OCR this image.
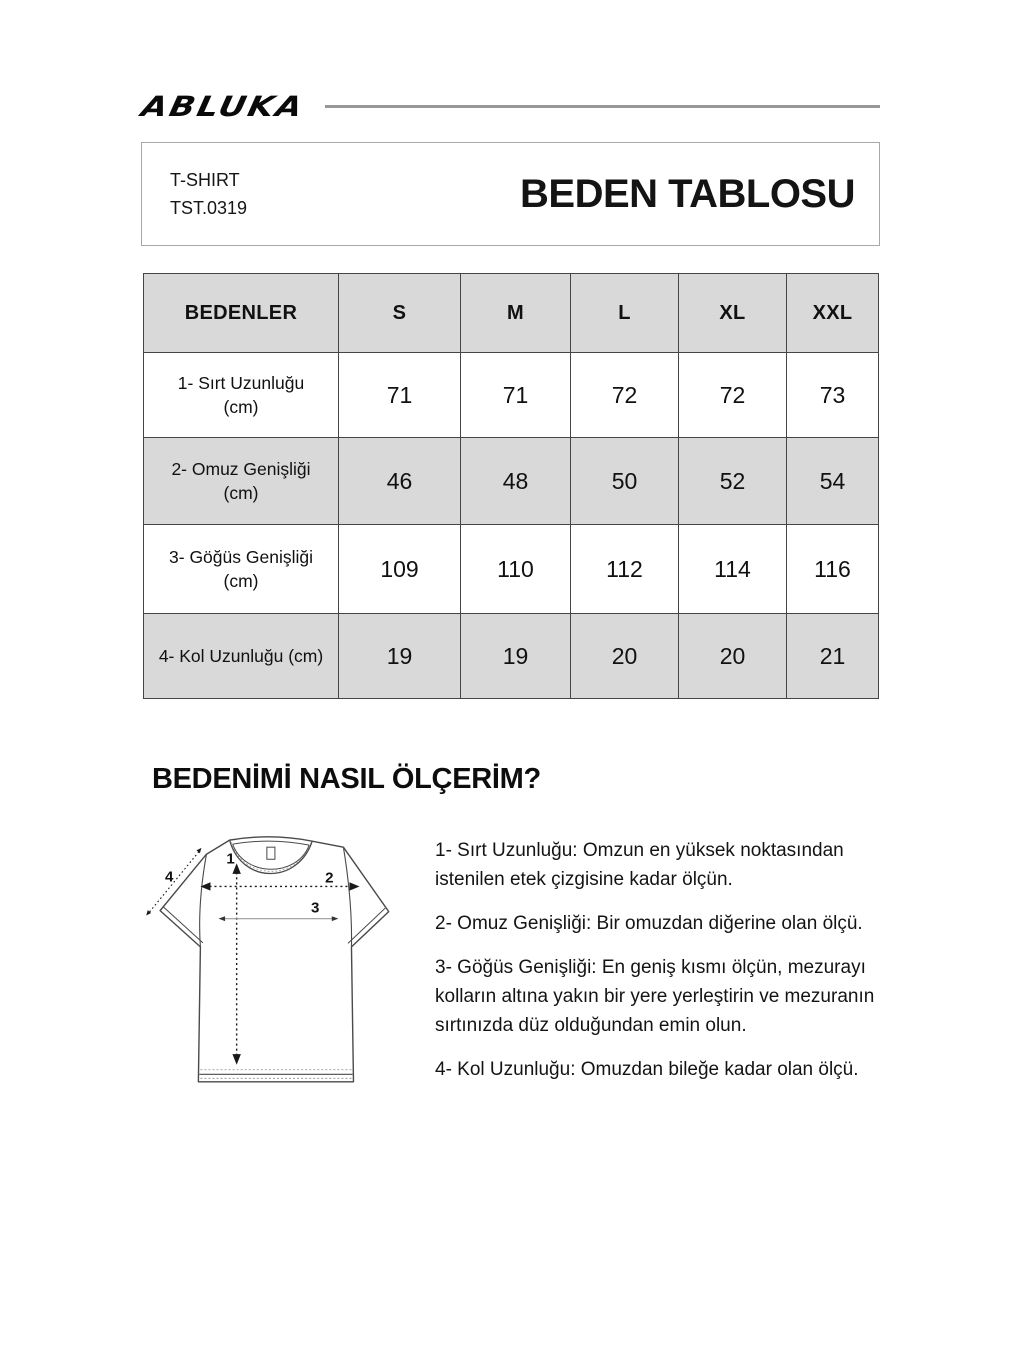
ABLUKA
T-SHIRT
TST.0319	BEDEN TABLOSU
BEDENLER	S	M	L	XL	XXL
1- Sırt Uzunluğu (cm)	71	71	72	72	73
2- Omuz Genişliği (cm)	46	48	50	52	54
3- Göğüs Genişliği (cm)	109	110	112	114	116
4- Kol Uzunluğu (cm)	19	19	20	20	21
BEDENİMİ NASIL ÖLÇERİM?
1
2
3
4

1- Sırt Uzunluğu: Omzun en yüksek noktasından istenilen etek çizgisine kadar ölçün.

2- Omuz Genişliği: Bir omuzdan diğerine olan ölçü.

3- Göğüs Genişliği: En geniş kısmı ölçün, mezurayı kolların altına yakın bir yere yerleştirin ve mezuranın sırtınızda düz olduğundan emin olun.

4- Kol Uzunluğu: Omuzdan bileğe kadar olan ölçü.
